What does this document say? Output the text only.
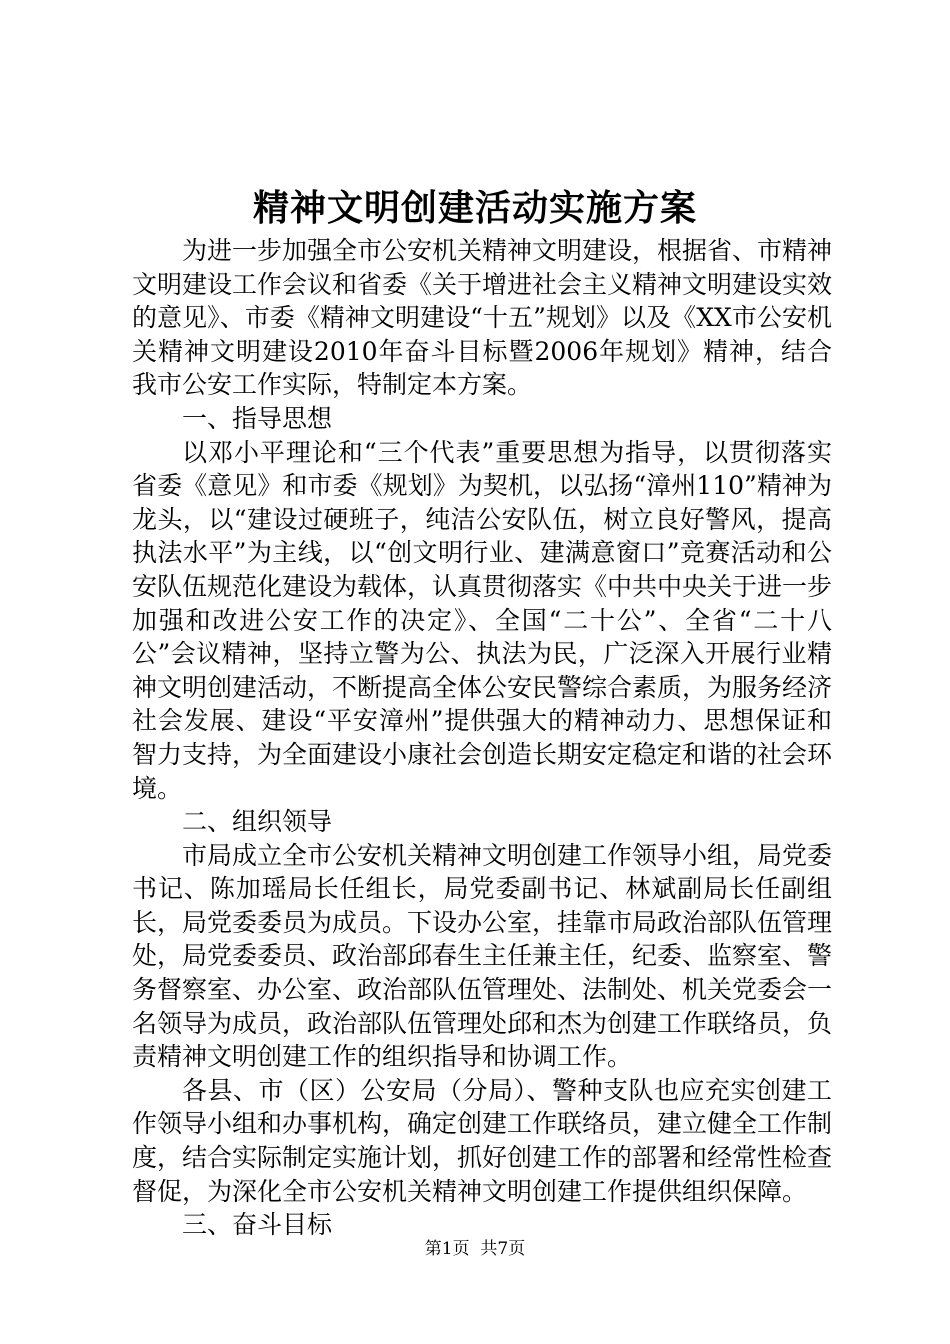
精神文明创建活动实施方案

为进一步加强全市公安机关精神文明建设，根据省、市精神文明建设工作会议和省委《关于增进社会主义精神文明建设实效的意见》、市委《精神文明建设“十五”规划》以及《XX市公安机关精神文明建设2010年奋斗目标暨2006年规划》精神，结合我市公安工作实际，特制定本方案。

一、指导思想

以邓小平理论和“三个代表”重要思想为指导，以贯彻落实省委《意见》和市委《规划》为契机，以弘扬“漳州110”精神为龙头，以“建设过硬班子，纯洁公安队伍，树立良好警风，提高执法水平”为主线，以“创文明行业、建满意窗口”竞赛活动和公安队伍规范化建设为载体，认真贯彻落实《中共中央关于进一步加强和改进公安工作的决定》、全国“二十公”、全省“二十八公”会议精神，坚持立警为公、执法为民，广泛深入开展行业精神文明创建活动，不断提高全体公安民警综合素质，为服务经济社会发展、建设“平安漳州”提供强大的精神动力、思想保证和智力支持，为全面建设小康社会创造长期安定稳定和谐的社会环境。

二、组织领导

市局成立全市公安机关精神文明创建工作领导小组，局党委书记、陈加瑶局长任组长，局党委副书记、林斌副局长任副组长，局党委委员为成员。下设办公室，挂靠市局政治部队伍管理处，局党委委员、政治部邱春生主任兼主任，纪委、监察室、警务督察室、办公室、政治部队伍管理处、法制处、机关党委会一名领导为成员，政治部队伍管理处邱和杰为创建工作联络员，负责精神文明创建工作的组织指导和协调工作。

各县、市（区）公安局（分局）、警种支队也应充实创建工作领导小组和办事机构，确定创建工作联络员，建立健全工作制度，结合实际制定实施计划，抓好创建工作的部署和经常性检查督促，为深化全市公安机关精神文明创建工作提供组织保障。

三、奋斗目标

第1页 共7页
